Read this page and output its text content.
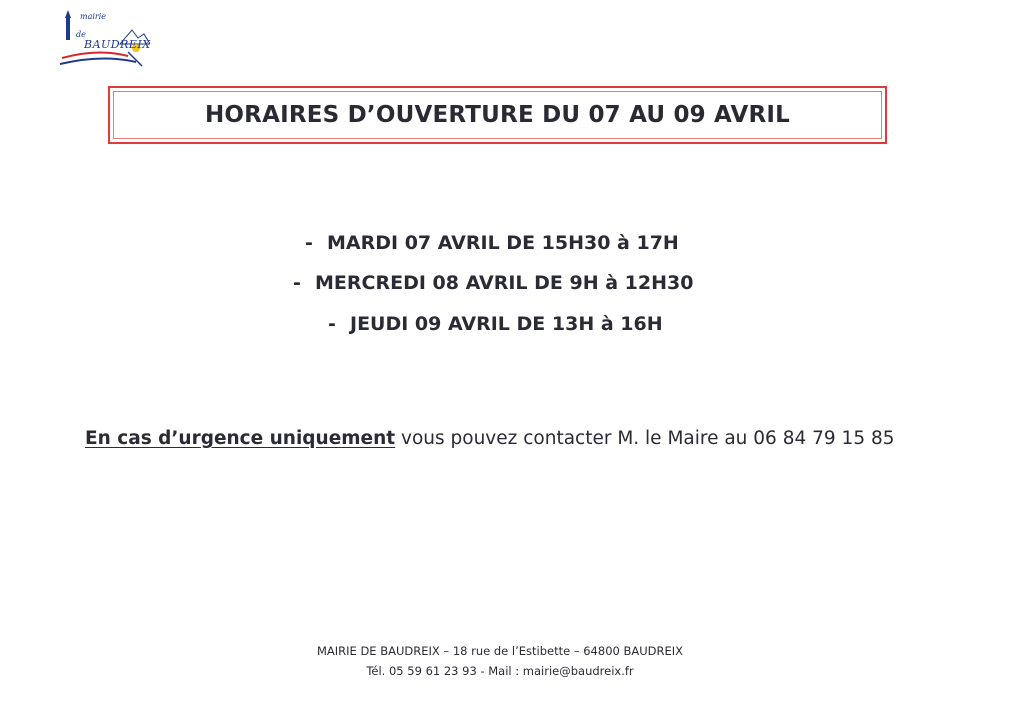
mairie
de
BAUDREIX
HORAIRES D’OUVERTURE DU 07 AU 09 AVRIL
- MARDI 07 AVRIL DE 15H30 à 17H
- MERCREDI 08 AVRIL DE 9H à 12H30
- JEUDI 09 AVRIL DE 13H à 16H
En cas d’urgence uniquement vous pouvez contacter M. le Maire au 06 84 79 15 85
MAIRIE DE BAUDREIX – 18 rue de l’Estibette – 64800 BAUDREIX
Tél. 05 59 61 23 93 - Mail : mairie@baudreix.fr
